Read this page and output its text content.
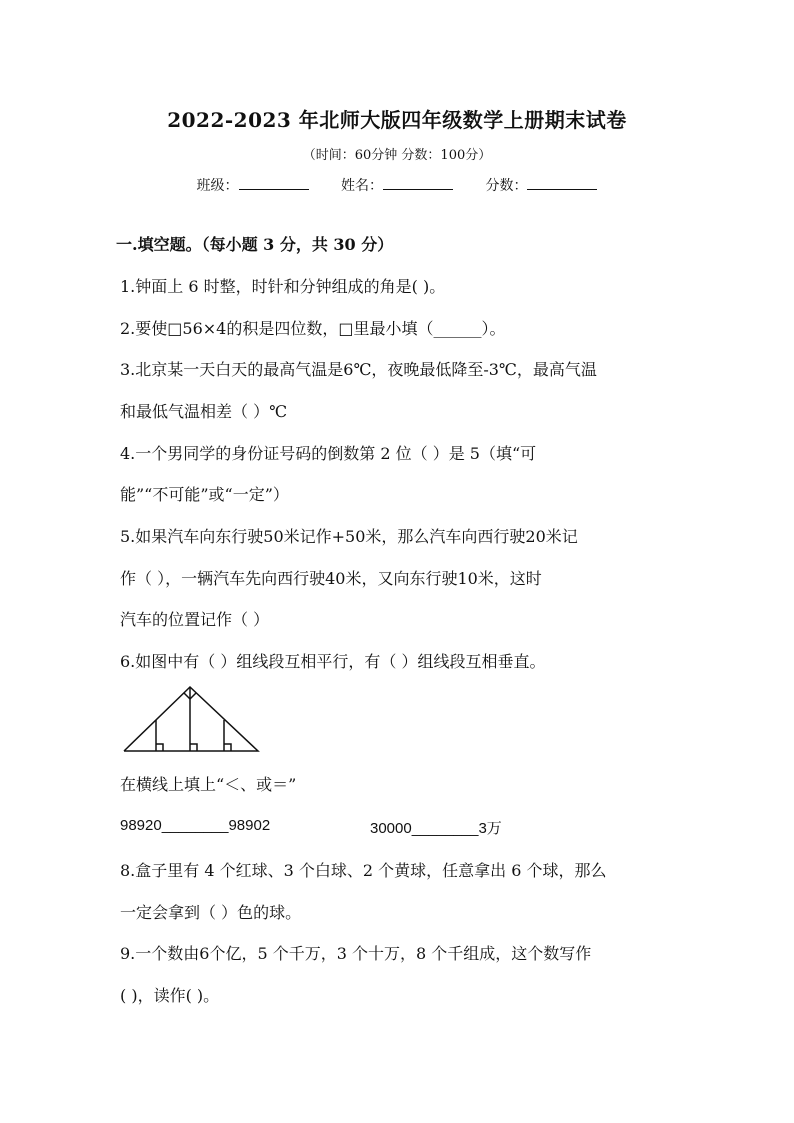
2022-2023 年北师大版四年级数学上册期末试卷
（时间：60分钟 分数：100分）
班级：	姓名：	分数：
一.填空题。（每小题 3 分，共 30 分）
1.钟面上 6 时整，时针和分钟组成的角是( )。
2.要使□56×4的积是四位数，□里最小填（______）。
3.北京某一天白天的最高气温是6℃，夜晚最低降至-3℃，最高气温
和最低气温相差（ ）℃
4.一个男同学的身份证号码的倒数第 2 位（ ）是 5（填“可
能”“不可能”或“一定”）
5.如果汽车向东行驶50米记作+50米，那么汽车向西行驶20米记
作（ ），一辆汽车先向西行驶40米，又向东行驶10米，这时
汽车的位置记作（ ）
6.如图中有（ ）组线段互相平行，有（ ）组线段互相垂直。
在横线上填上“＜、或＝”
98920________98902	30000________3万
8.盒子里有 4 个红球、3 个白球、2 个黄球，任意拿出 6 个球，那么
一定会拿到（ ）色的球。
9.一个数由6个亿，5 个千万，3 个十万，8 个千组成，这个数写作
( )，读作( )。
